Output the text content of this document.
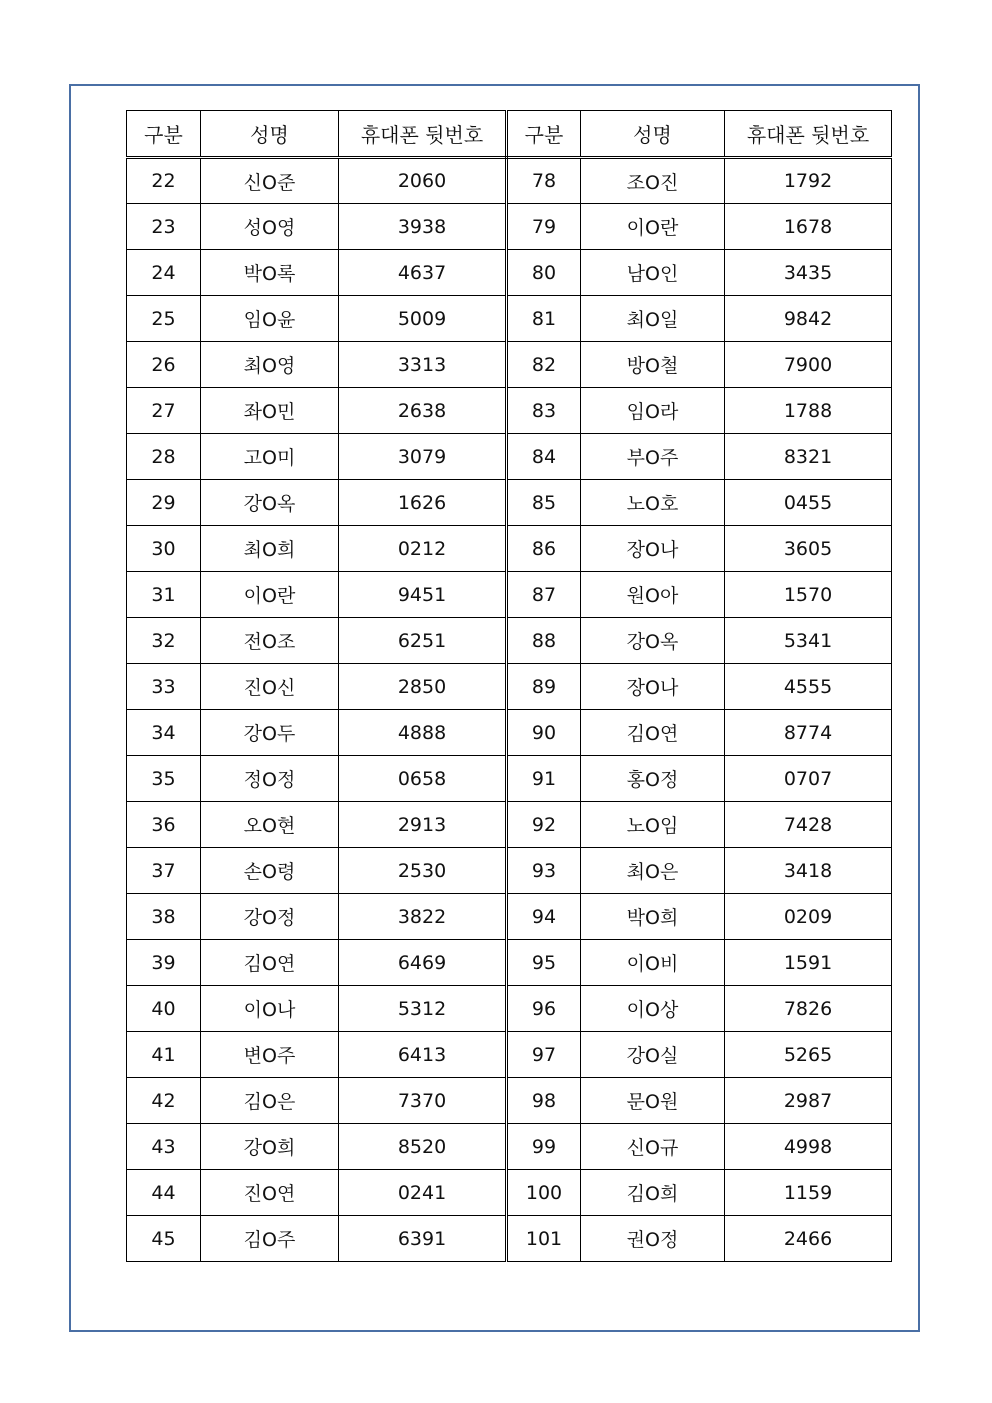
구분	성명	휴대폰 뒷번호	구분	성명	휴대폰 뒷번호
22	신O준	2060	78	조O진	1792
23	성O영	3938	79	이O란	1678
24	박O록	4637	80	남O인	3435
25	임O윤	5009	81	최O일	9842
26	최O영	3313	82	방O철	7900
27	좌O민	2638	83	임O라	1788
28	고O미	3079	84	부O주	8321
29	강O옥	1626	85	노O호	0455
30	최O희	0212	86	장O나	3605
31	이O란	9451	87	원O아	1570
32	전O조	6251	88	강O옥	5341
33	진O신	2850	89	장O나	4555
34	강O두	4888	90	김O연	8774
35	정O정	0658	91	홍O정	0707
36	오O현	2913	92	노O임	7428
37	손O령	2530	93	최O은	3418
38	강O정	3822	94	박O희	0209
39	김O연	6469	95	이O비	1591
40	이O나	5312	96	이O상	7826
41	변O주	6413	97	강O실	5265
42	김O은	7370	98	문O원	2987
43	강O희	8520	99	신O규	4998
44	진O연	0241	100	김O희	1159
45	김O주	6391	101	권O정	2466
